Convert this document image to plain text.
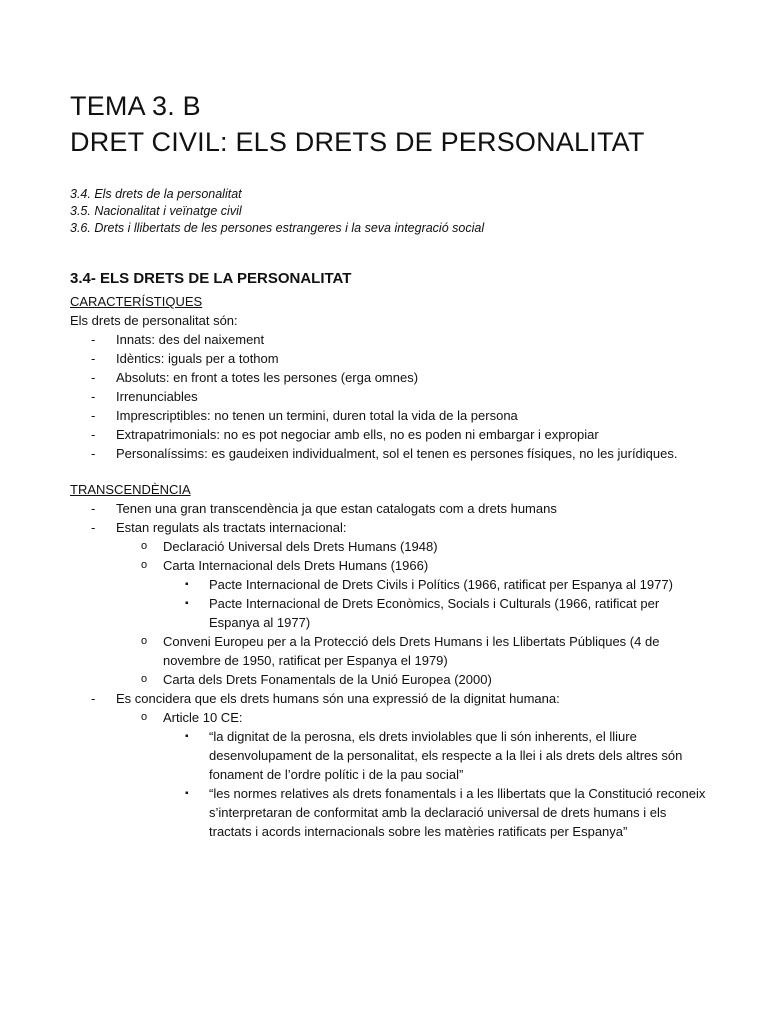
TEMA 3. B
DRET CIVIL: ELS DRETS DE PERSONALITAT
3.4. Els drets de la personalitat
3.5. Nacionalitat i veïnatge civil
3.6. Drets i llibertats de les persones estrangeres i la seva integració social
3.4- ELS DRETS DE LA PERSONALITAT
CARACTERÍSTIQUES
Els drets de personalitat són:
- Innats: des del naixement
- Idèntics: iguals per a tothom
- Absoluts: en front a totes les persones (erga omnes)
- Irrenunciables
- Imprescriptibles: no tenen un termini, duren total la vida de la persona
- Extrapatrimonials: no es pot negociar amb ells, no es poden ni embargar i expropiar
- Personalíssims: es gaudeixen individualment, sol el tenen es persones físiques, no les jurídiques.
TRANSCENDÈNCIA
- Tenen una gran transcendència ja que estan catalogats com a drets humans
- Estan regulats als tractats internacional:
o Declaració Universal dels Drets Humans (1948)
o Carta Internacional dels Drets Humans (1966)
▪ Pacte Internacional de Drets Civils i Polítics (1966, ratificat per Espanya al 1977)
▪ Pacte Internacional de Drets Econòmics, Socials i Culturals (1966, ratificat per Espanya al 1977)
o Conveni Europeu per a la Protecció dels Drets Humans i les Llibertats Públiques (4 de novembre de 1950, ratificat per Espanya el 1979)
o Carta dels Drets Fonamentals de la Unió Europea (2000)
- Es concidera que els drets humans són una expressió de la dignitat humana:
o Article 10 CE:
▪ “la dignitat de la perosna, els drets inviolables que li són inherents, el lliure desenvolupament de la personalitat, els respecte a la llei i als drets dels altres són fonament de l’ordre polític i de la pau social”
▪ “les normes relatives als drets fonamentals i a les llibertats que la Constitució reconeix s’interpretaran de conformitat amb la declaració universal de drets humans i els tractats i acords internacionals sobre les matèries ratificats per Espanya”
